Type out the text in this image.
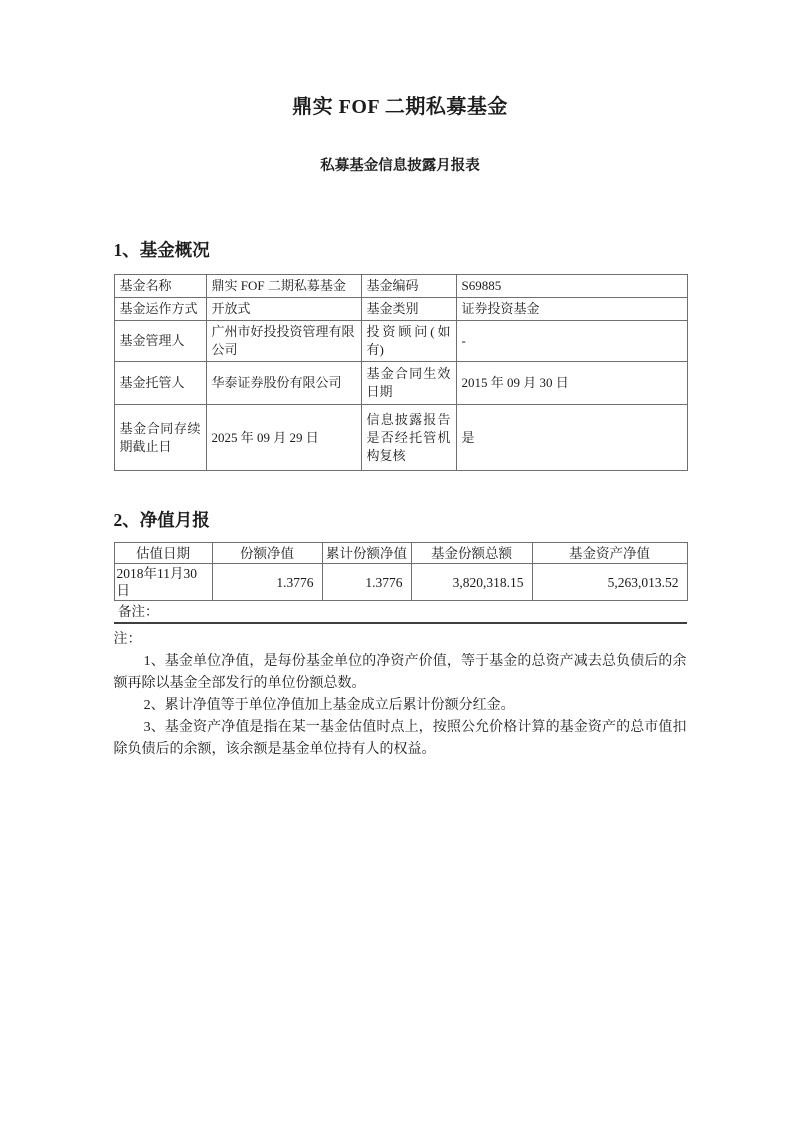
鼎实 FOF 二期私募基金
私募基金信息披露月报表
1、基金概况
基金名称	鼎实 FOF 二期私募基金	基金编码	S69885
基金运作方式	开放式	基金类别	证券投资基金
基金管理人	广州市好投投资管理有限公司	投资顾问(如有)	-
基金托管人	华泰证券股份有限公司	基金合同生效日期	2015 年 09 月 30 日
基金合同存续期截止日	2025 年 09 月 29 日	信息披露报告是否经托管机构复核	是
2、净值月报
估值日期	份额净值	累计份额净值	基金份额总额	基金资产净值
2018年11月30日	1.3776	1.3776	3,820,318.15	5,263,013.52
备注：				
注：

1、基金单位净值，是每份基金单位的净资产价值，等于基金的总资产减去总负债后的余额再除以基金全部发行的单位份额总数。

2、累计净值等于单位净值加上基金成立后累计份额分红金。

3、基金资产净值是指在某一基金估值时点上，按照公允价格计算的基金资产的总市值扣除负债后的余额，该余额是基金单位持有人的权益。
